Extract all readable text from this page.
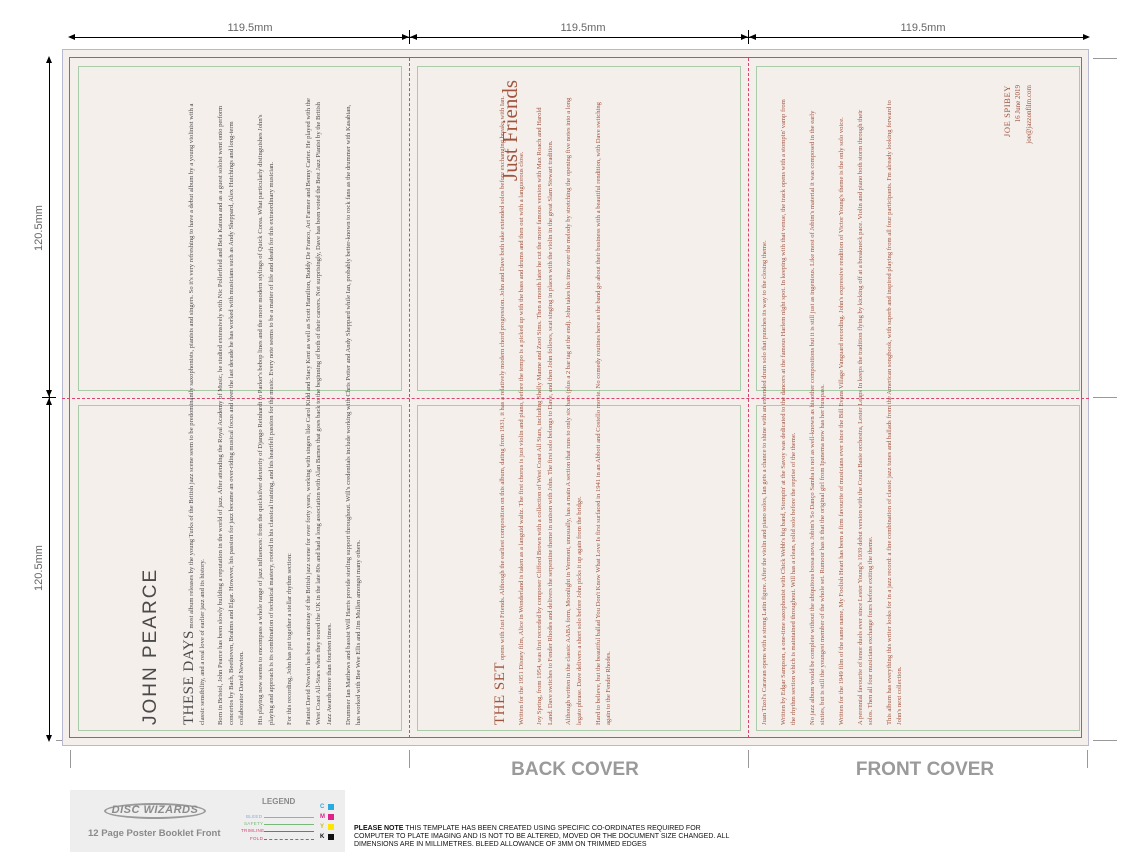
119.5mm	119.5mm	119.5mm
120.5mm
120.5mm	JOHN PEARCE	THESE DAYS most album releases by the young Turks of the British jazz scene seem to be predominantly saxophonists, pianists and singers. So it's very refreshing to have a debut album by a young violinist with a classic sensibility, and a real love of earlier jazz and its history.	Born in Bristol, John Pearce has been slowly building a reputation in the world of jazz. After attending the Royal Academy of Music, he studied extensively with Nic Pollerfield and Bela Katona and as a guest soloist went onto perform concertos by Bach, Beethoven, Brahms and Elgar. However, his passion for jazz became an over-riding musical focus and over the last decade he has worked with musicians such as Andy Sheppard, Alex Hutchings and long-term collaborator David Newton.	His playing now seems to encompass a whole range of jazz influences: from the quicksilver dexterity of Django Reinhardt to Parker's bebop lines and the more modern stylings of Quick Corea. What particularly distinguishes John's playing and approach is its combination of technical mastery, rooted in his classical training, and his heartfelt passion for the music. Every note seems to be a matter of life and death for this extraordinary musician.	For this recording, John has put together a stellar rhythm section:	Pianist David Newton has been a mainstay of the British jazz scene for over forty years, working with singers like Carol Kidd and Stacy Kent as well as Scott Hamilton, Buddy De Franco, Art Farmer and Benny Carter. He played with the West Coast All-Stars when they toured the UK in the late 80s and had a long association with Alan Barnes that goes back to the beginning of both of their careers. Not surprisingly, Dave has been voted the Best Jazz Pianist by the British Jazz Awards more than fourteen times.	Drummer Ian Matthews and bassist Will Harris provide sterling support throughout. Will's credentials include working with Chris Potter and Andy Sheppard while Ian, probably better-known to rock fans as the drummer with Kasabian, has worked with Bee Wee Ellis and Jim Mullen amongst many others.	THE SET opens with Just Friends. Although the earliest composition on this album, dating from 1931, it has a relatively modern chord progression. John and Dave both take extended solos before exchanging breaks with Ian.	Written for the 1951 Disney film, Alice in Wonderland is taken as a languid waltz. The first chorus is just violin and piano, before the tempo is a picked up with the bass and drums and then out with a languorous close.	Joy Spring, from 1954, was first recorded by composer Clifford Brown with a collection of West Coast All Stars, including Shelly Manne and Zoot Sims. Then a month later he cut the more famous version with Max Roach and Harold Land. Dave switches to Fender Rhodes and delivers the serpentine theme in unison with John. The first solo belongs to Dave, and then John follows, scat singing in places with the violin in the great Slam Stewart tradition.	Although written in the classic AABA form, Moonlight in Vermont, unusually, has a main A section that runs to only six bars (plus a 2 bar tag at the end). John takes his time over the melody by stretching the opening five notes into a long legato phrase. Dave delivers a short solo before John picks it up again from the bridge.	Hard to believe, but the beautiful ballad You Don't Know What Love Is first surfaced in 1941 in an Abbott and Costello movie. No comedy routines here as the band go about their business with a beautiful rendition, with Dave switching again to the Fender Rhodes.

Just Friends

Juan Tizol's Caravan opens with a strong Latin figure. After the violin and piano solos, Ian gets a chance to shine with an extended drum solo that punches its way to the closing theme.	Written by Edgar Sampson, a one-time saxophonist with Chick Webb's big band, Stompin' at the Savoy was dedicated to the dancers at the famous Harlem night spot. In keeping with that venue, the track opens with a stompin' vamp from the rhythm section which is maintained throughout. Will has a clean, solid solo before the reprise of the theme.	No jazz album would be complete without the ubiquitous bossa nova. Jobim's So Danço Samba is not as well-known as his other compositions but it is still just as ingenious. Like most of Jobim's material it was composed in the early sixties, but is still the youngest member of the whole set. Rumour has it that the original girl from Ipanema now has her bus pass.	Written for the 1949 film of the same name, My Foolish Heart has been a firm favourite of musicians ever since the Bill Evans Village Vanguard recording. John's expressive rendition of Victor Young's theme is the only solo voice.	A perennial favourite of tenor duels ever since Lester Young's 1939 debut version with the Count Basie orchestra, Lester Leaps In keeps the tradition flying by kicking off at a breakneck pace. Violin and piano both storm through their solos. Then all four musicians exchange fours before exiting the theme.	This album has everything this writer looks for in a jazz record: a fine combination of classic jazz tunes and ballads from the American songbook, with superb and inspired playing from all four participants. I'm already looking forward to John's next collection.

JOE SPIBEY 16 June 2019 joe@jazzonfilm.com
BACK COVER	FRONT COVER
DISC WIZARDS
12 Page Poster Booklet Front
LEGEND
BLEED
SAFETY
TRIMLINE
FOLD
C
M
Y
K
PLEASE NOTE THIS TEMPLATE HAS BEEN CREATED USING SPECIFIC CO-ORDINATES REQUIRED FOR COMPUTER TO PLATE IMAGING AND IS NOT TO BE ALTERED, MOVED OR THE DOCUMENT SIZE CHANGED. ALL DIMENSIONS ARE IN MILLIMETRES. BLEED ALLOWANCE OF 3MM ON TRIMMED EDGES
